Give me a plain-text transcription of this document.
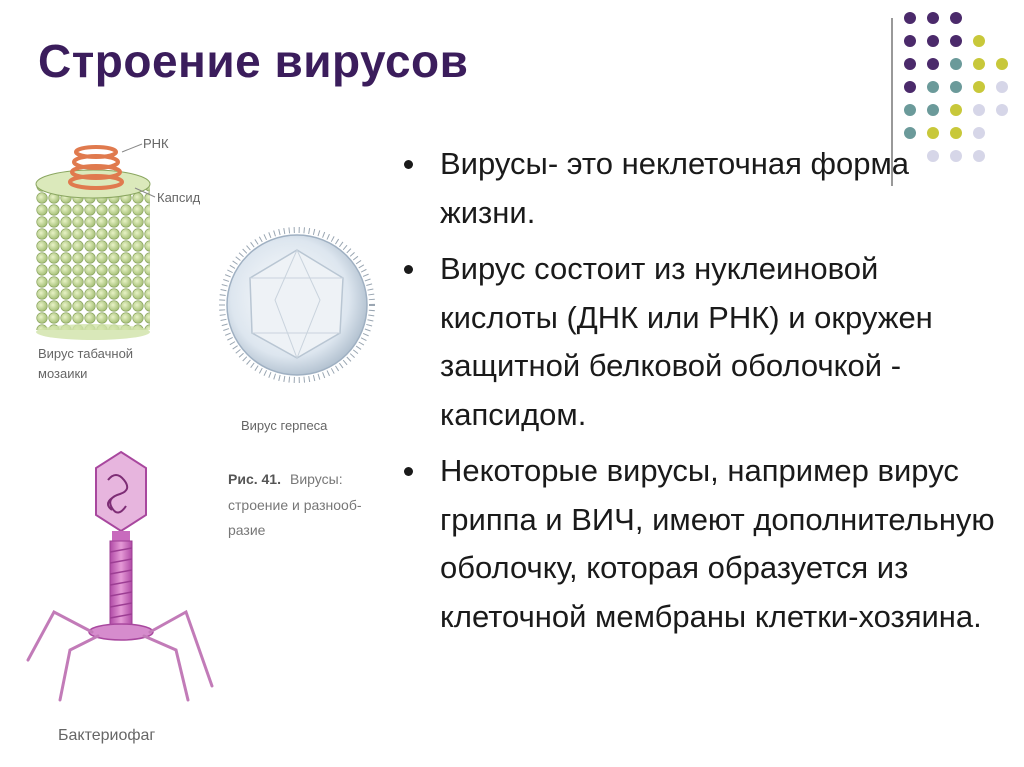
Строение вирусов
Вирусы- это неклеточная форма жизни.
Вирус состоит из нуклеиновой кислоты (ДНК или РНК) и окружен защитной белковой оболочкой - капсидом.
Некоторые вирусы, например вирус гриппа и ВИЧ, имеют дополнительную оболочку, которая образуется из клеточной мембраны клетки-хозяина.
РНК
Капсид
Вирус табачной
мозаики
Вирус герпеса
Рис. 41. Вирусы:
строение и разнооб-
разие
Бактериофаг
